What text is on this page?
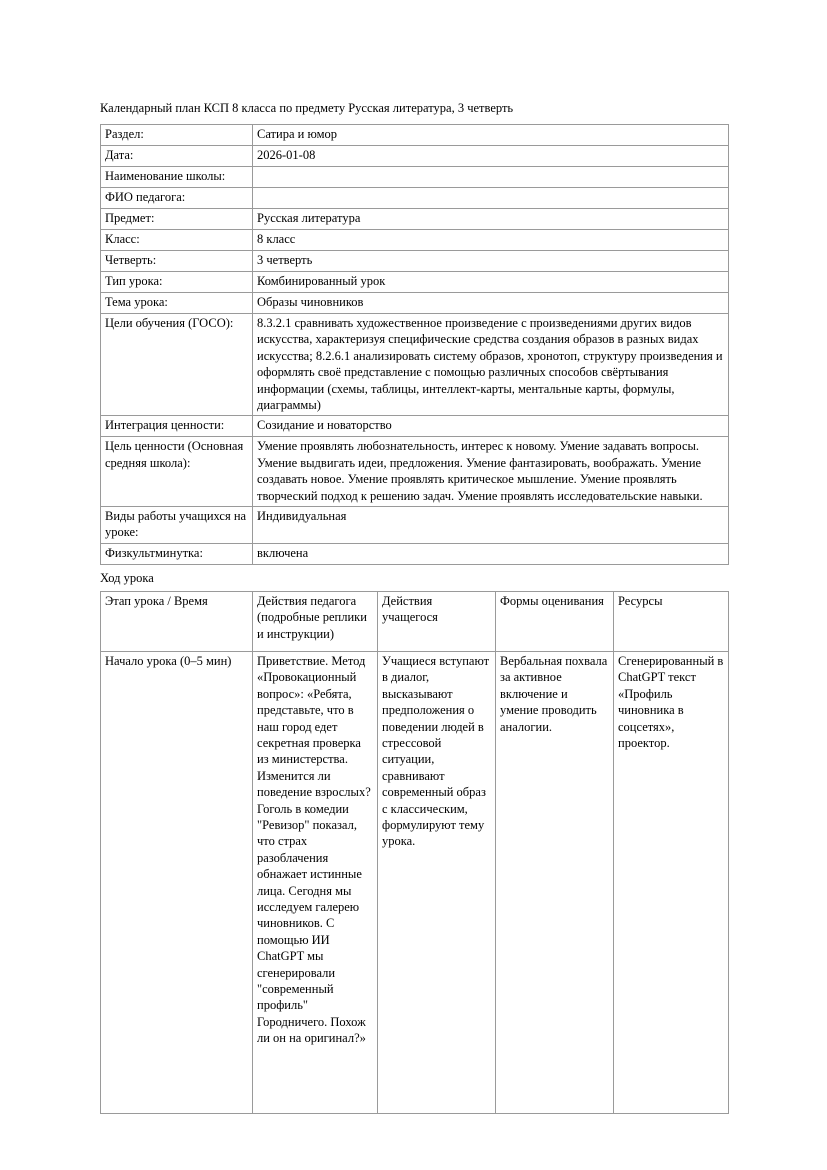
Календарный план КСП 8 класса по предмету Русская литература, 3 четверть

Раздел:	Сатира и юмор
Дата:	2026-01-08
Наименование школы:	
ФИО педагога:	
Предмет:	Русская литература
Класс:	8 класс
Четверть:	3 четверть
Тип урока:	Комбинированный урок
Тема урока:	Образы чиновников
Цели обучения (ГОСО):	8.3.2.1 сравнивать художественное произведение с произведениями других видов искусства, характеризуя специфические средства создания образов в разных видах искусства; 8.2.6.1 анализировать систему образов, хронотоп, структуру произведения и оформлять своё представление с помощью различных способов свёртывания информации (схемы, таблицы, интеллект-карты, ментальные карты, формулы, диаграммы)
Интеграция ценности:	Созидание и новаторство
Цель ценности (Основная средняя школа):	Умение проявлять любознательность, интерес к новому. Умение задавать вопросы. Умение выдвигать идеи, предложения. Умение фантазировать, воображать. Умение создавать новое. Умение проявлять критическое мышление. Умение проявлять творческий подход к решению задач. Умение проявлять исследовательские навыки.
Виды работы учащихся на уроке:	Индивидуальная
Физкультминутка:	включена

Ход урока

Этап урока / Время	Действия педагога (подробные реплики и инструкции)	Действия учащегося	Формы оценивания	Ресурсы
Начало урока (0–5 мин)	Приветствие. Метод «Провокационный вопрос»: «Ребята, представьте, что в наш город едет секретная проверка из министерства. Изменится ли поведение взрослых? Гоголь в комедии "Ревизор" показал, что страх разоблачения обнажает истинные лица. Сегодня мы исследуем галерею чиновников. С помощью ИИ ChatGPT мы сгенерировали "современный профиль" Городничего. Похож ли он на оригинал?»	Учащиеся вступают в диалог, высказывают предположения о поведении людей в стрессовой ситуации, сравнивают современный образ с классическим, формулируют тему урока.	Вербальная похвала за активное включение и умение проводить аналогии.	Сгенерированный в ChatGPT текст «Профиль чиновника в соцсетях», проектор.
